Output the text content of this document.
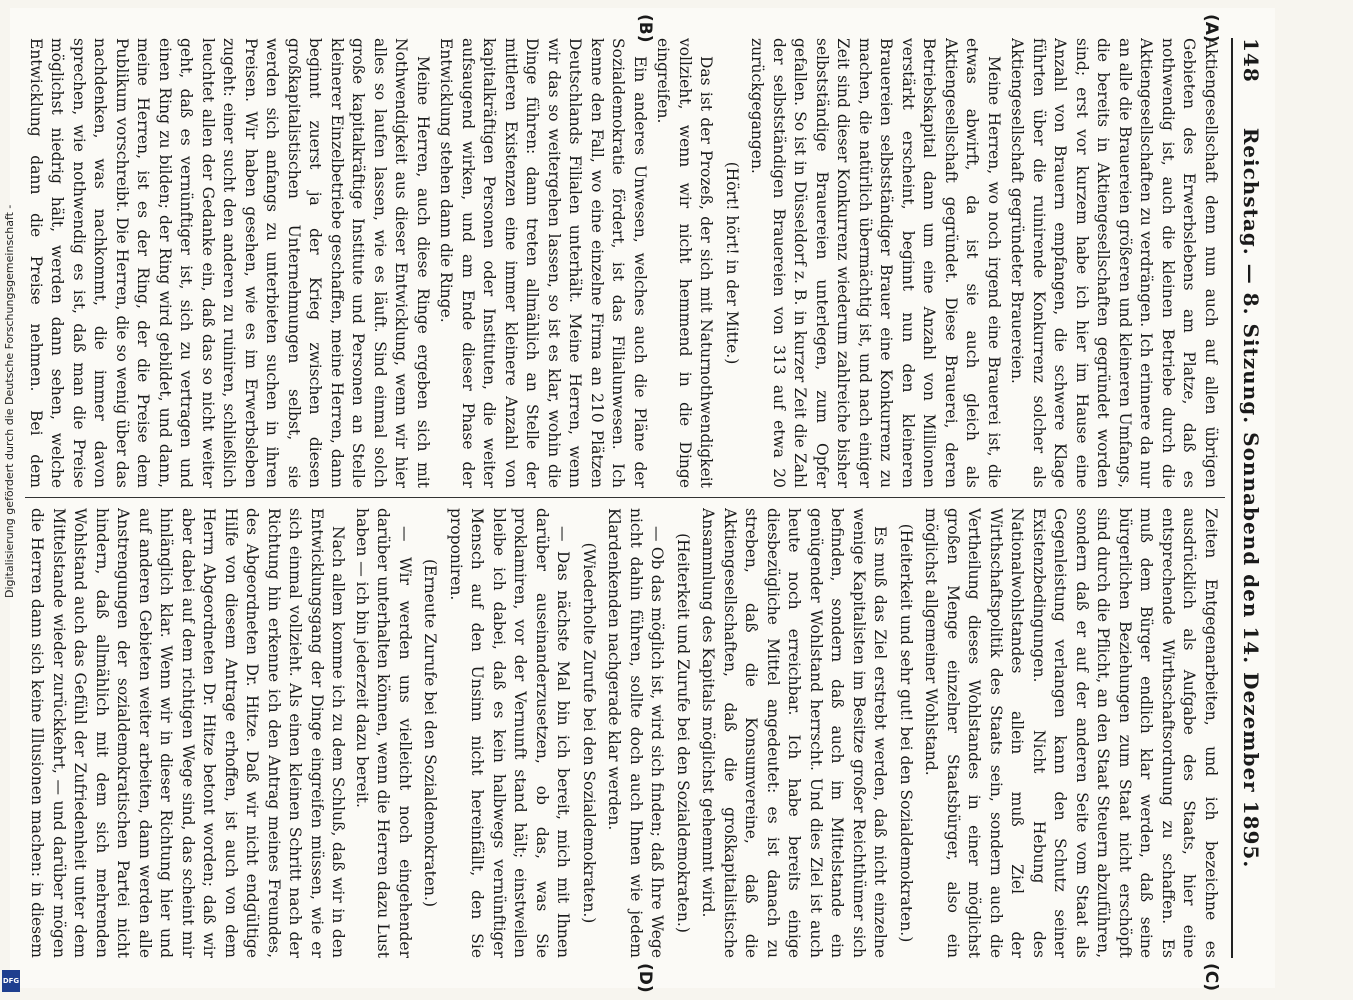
148
Reichstag. — 8. Sitzung. Sonnabend den 14. Dezember 1895.
(A)
(B)
(C)
(D)

Aktiengesellschaft denn nun auch auf allen übrigen Gebieten des Erwerbslebens am Platze, daß es nothwendig ist, auch die kleinen Betriebe durch die Aktiengesellschaften zu verdrängen. Ich erinnere da nur an alle die Brauereien größeren und kleineren Umfangs, die bereits in Aktiengesellschaften gegründet worden sind; erst vor kurzem habe ich hier im Hause eine Anzahl von Brauern empfangen, die schwere Klage führten über die ruinirende Konkurrenz solcher als Aktiengesellschaft gegründeter Brauereien.

Meine Herren, wo noch irgend eine Brauerei ist, die etwas abwirft, da ist sie auch gleich als Aktiengesellschaft gegründet. Diese Brauerei, deren Betriebskapital dann um eine Anzahl von Millionen verstärkt erscheint, beginnt nun den kleineren Brauereien selbstständiger Brauer eine Konkurrenz zu machen, die natürlich übermächtig ist, und nach einiger Zeit sind dieser Konkurrenz wiederum zahlreiche bisher selbstständige Brauereien unterlegen, zum Opfer gefallen. So ist in Düsseldorf z. B. in kurzer Zeit die Zahl der selbstständigen Brauereien von 313 auf etwa 20 zurückgegangen.

(Hört! hört! in der Mitte.)

Das ist der Prozeß, der sich mit Naturnothwendigkeit vollzieht, wenn wir nicht hemmend in die Dinge eingreifen.

Ein anderes Unwesen, welches auch die Pläne der Sozialdemokratie fördert, ist das Filialunwesen. Ich kenne den Fall, wo eine einzelne Firma an 210 Plätzen Deutschlands Filialen unterhält. Meine Herren, wenn wir das so weitergehen lassen, so ist es klar, wohin die Dinge führen: dann treten allmählich an Stelle der mittleren Existenzen eine immer kleinere Anzahl von kapitalkräftigen Personen oder Instituten, die weiter aufsaugend wirken, und am Ende dieser Phase der Entwicklung stehen dann die Ringe.

Meine Herren, auch diese Ringe ergeben sich mit Nothwendigkeit aus dieser Entwicklung, wenn wir hier alles so laufen lassen, wie es läuft. Sind einmal solch große kapitalkräftige Institute und Personen an Stelle kleinerer Einzelbetriebe geschaffen, meine Herren, dann beginnt zuerst ja der Krieg zwischen diesen großkapitalistischen Unternehmungen selbst, sie werden sich anfangs zu unterbieten suchen in ihren Preisen. Wir haben gesehen, wie es im Erwerbsleben zugeht: einer sucht den anderen zu ruiniren, schließlich leuchtet allen der Gedanke ein, daß das so nicht weiter geht, daß es vernünftiger ist, sich zu vertragen und einen Ring zu bilden; der Ring wird gebildet, und dann, meine Herren, ist es der Ring, der die Preise dem Publikum vorschreibt. Die Herren, die so wenig über das nachdenken, was nachkommt, die immer davon sprechen, wie nothwendig es ist, daß man die Preise möglichst niedrig hält, werden dann sehen, welche Entwicklung dann die Preise nehmen. Bei dem

Zeiten Entgegenarbeiten, und ich bezeichne es ausdrücklich als Aufgabe des Staats, hier eine entsprechende Wirthschaftsordnung zu schaffen. Es muß dem Bürger endlich klar werden, daß seine bürgerlichen Beziehungen zum Staat nicht erschöpft sind durch die Pflicht, an den Staat Steuern abzuführen, sondern daß er auf der anderen Seite vom Staat als Gegenleistung verlangen kann den Schutz seiner Existenzbedingungen. Nicht Hebung des Nationalwohlstandes allein muß Ziel der Wirthschaftspolitik des Staats sein, sondern auch die Vertheilung dieses Wohlstandes in einer möglichst großen Menge einzelner Staatsbürger, also ein möglichst allgemeiner Wohlstand.

(Heiterkeit und sehr gut! bei den Sozialdemokraten.)

Es muß das Ziel erstrebt werden, daß nicht einzelne wenige Kapitalisten im Besitze großer Reichthümer sich befinden, sondern daß auch im Mittelstande ein genügender Wohlstand herrscht. Und dies Ziel ist auch heute noch erreichbar. Ich habe bereits einige diesbezügliche Mittel angedeutet: es ist danach zu streben, daß die Konsumvereine, daß die Aktiengesellschaften, daß die großkapitalistische Ansammlung des Kapitals möglichst gehemmt wird.

(Heiterkeit und Zurufe bei den Sozialdemokraten.)

— Ob das möglich ist, wird sich finden; daß Ihre Wege nicht dahin führen, sollte doch auch Ihnen wie jedem Klardenkenden nachgerade klar werden.

(Wiederholte Zurufe bei den Sozialdemokraten.)

— Das nächste Mal bin ich bereit, mich mit Ihnen darüber auseinanderzusetzen, ob das, was Sie proklamiren, vor der Vernunft stand hält; einstweilen bleibe ich dabei, daß es kein halbwegs vernünftiger Mensch auf den Unsinn nicht hereinfällt, den Sie proponiren.

(Erneute Zurufe bei den Sozialdemokraten.)

— Wir werden uns vielleicht noch eingehender darüber unterhalten können, wenn die Herren dazu Lust haben — ich bin jederzeit dazu bereit.

Nach allem komme ich zu dem Schluß, daß wir in den Entwicklungsgang der Dinge eingreifen müssen, wie er sich einmal vollzieht. Als einen kleinen Schritt nach der Richtung hin erkenne ich den Antrag meines Freundes, des Abgeordneten Dr. Hitze. Daß wir nicht endgültige Hilfe von diesem Antrage erhoffen, ist auch von dem Herrn Abgeordneten Dr. Hitze betont worden; daß wir aber dabei auf dem richtigen Wege sind, das scheint mir hinlänglich klar. Wenn wir in dieser Richtung hier und auf anderen Gebieten weiter arbeiten, dann werden alle Anstrengungen der sozialdemokratischen Partei nicht hindern, daß allmählich mit dem sich mehrenden Wohlstand auch das Gefühl der Zufriedenheit unter dem Mittelstande wieder zurückkehrt, — und darüber mögen die Herren dann sich keine Illusionen machen: in diesem

Digitalisierung gefördert durch die Deutsche Forschungsgemeinschaft -
DFG
